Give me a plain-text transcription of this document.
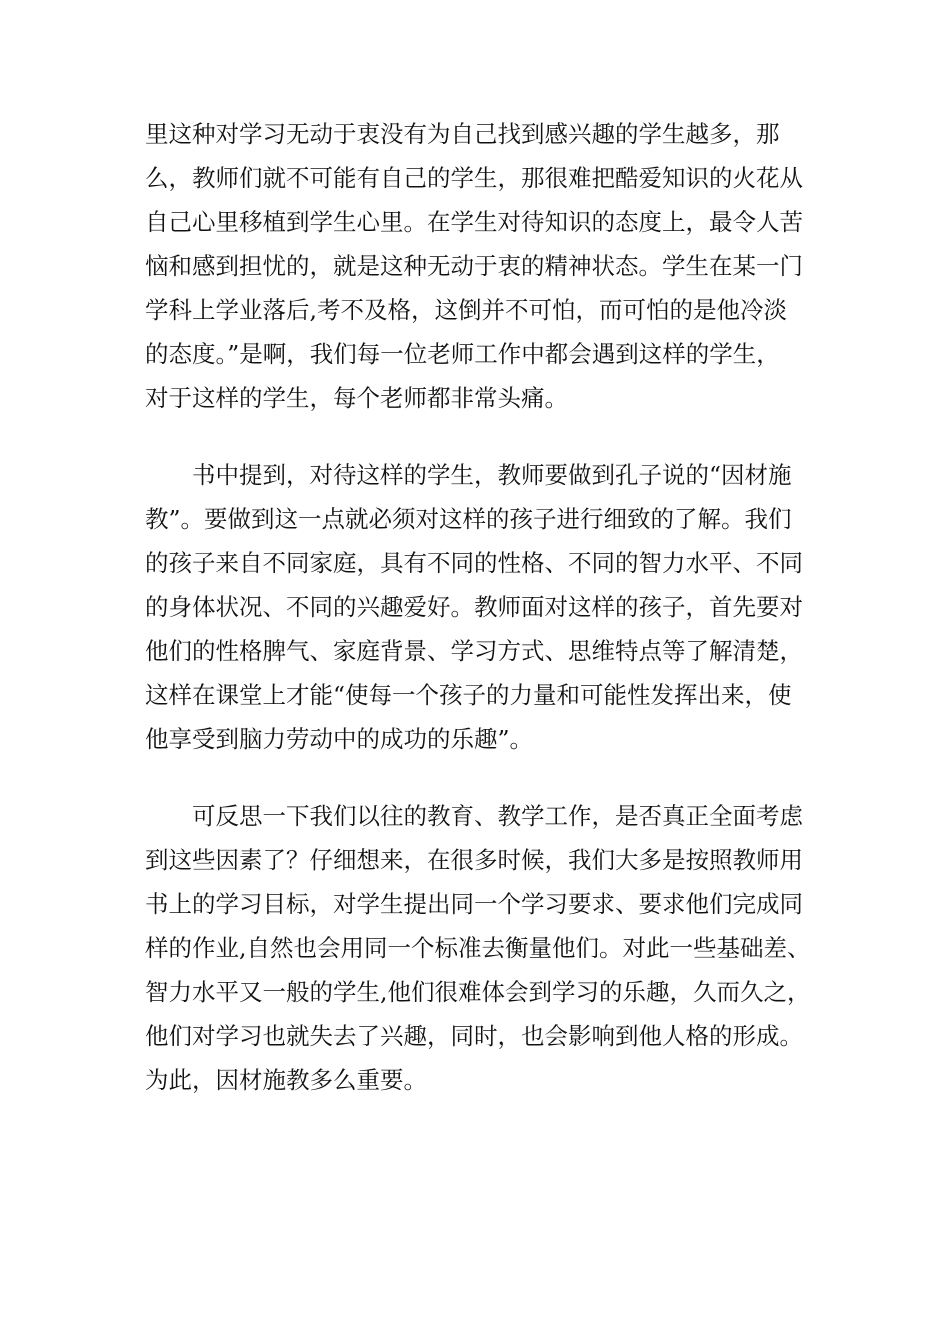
里这种对学习无动于衷没有为自己找到感兴趣的学生越多，那
么，教师们就不可能有自己的学生，那很难把酷爱知识的火花从
自己心里移植到学生心里。在学生对待知识的态度上，最令人苦
恼和感到担忧的，就是这种无动于衷的精神状态。学生在某一门
学科上学业落后,考不及格，这倒并不可怕，而可怕的是他冷淡
的态度。”是啊，我们每一位老师工作中都会遇到这样的学生，
对于这样的学生，每个老师都非常头痛。
书中提到，对待这样的学生，教师要做到孔子说的“因材施
教”。要做到这一点就必须对这样的孩子进行细致的了解。我们
的孩子来自不同家庭，具有不同的性格、不同的智力水平、不同
的身体状况、不同的兴趣爱好。教师面对这样的孩子，首先要对
他们的性格脾气、家庭背景、学习方式、思维特点等了解清楚，
这样在课堂上才能“使每一个孩子的力量和可能性发挥出来，使
他享受到脑力劳动中的成功的乐趣”。
可反思一下我们以往的教育、教学工作，是否真正全面考虑
到这些因素了？仔细想来，在很多时候，我们大多是按照教师用
书上的学习目标，对学生提出同一个学习要求、要求他们完成同
样的作业,自然也会用同一个标准去衡量他们。对此一些基础差、
智力水平又一般的学生,他们很难体会到学习的乐趣，久而久之，
他们对学习也就失去了兴趣，同时，也会影响到他人格的形成。
为此，因材施教多么重要。
